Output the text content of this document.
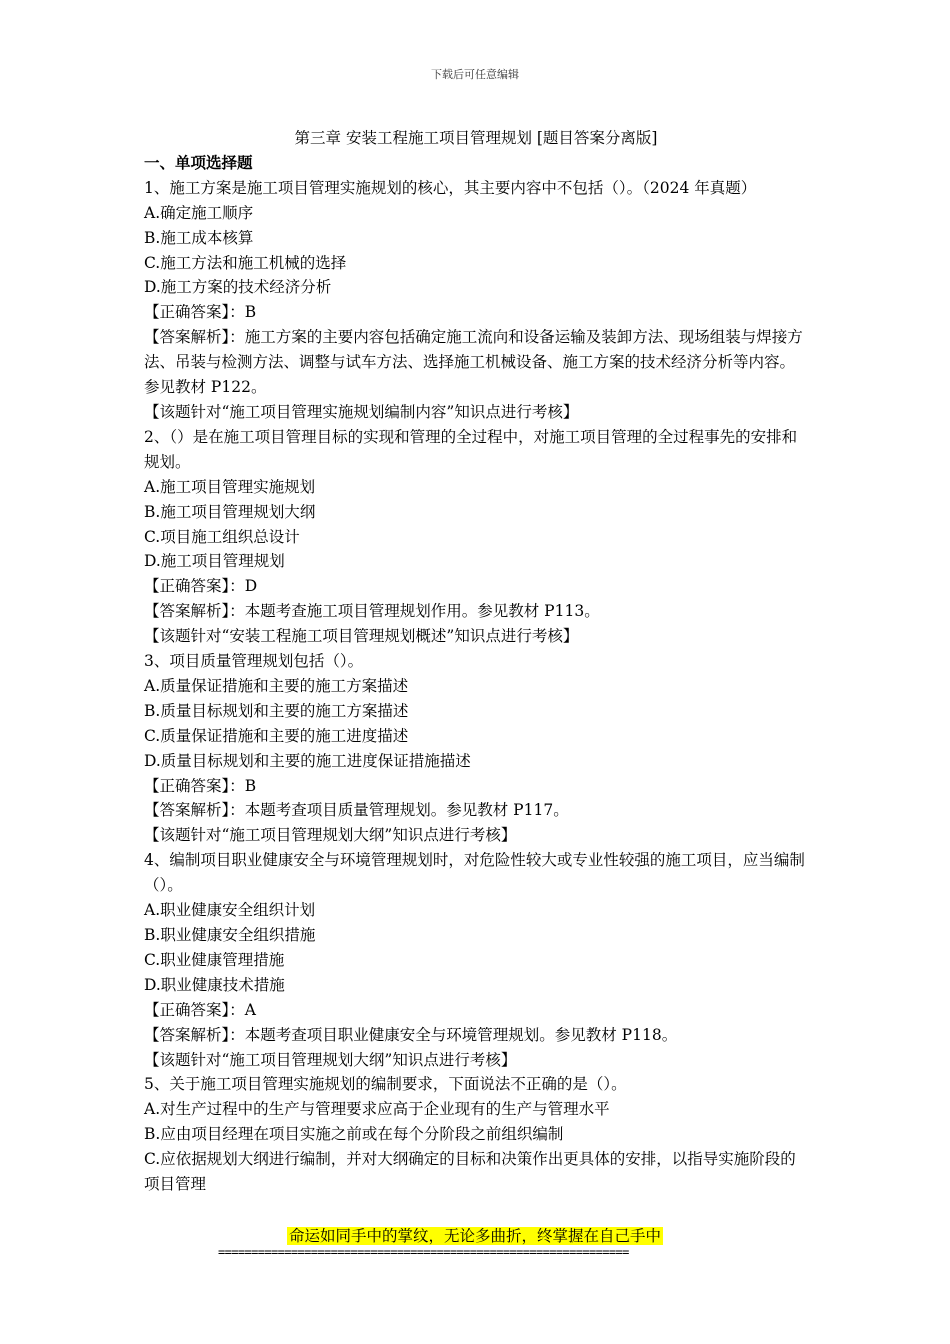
下载后可任意编辑
第三章 安装工程施工项目管理规划 [题目答案分离版]
一、单项选择题
1、施工方案是施工项目管理实施规划的核心，其主要内容中不包括（）。（2024 年真题）
A.确定施工顺序
B.施工成本核算
C.施工方法和施工机械的选择
D.施工方案的技术经济分析
【正确答案】：B
【答案解析】：施工方案的主要内容包括确定施工流向和设备运输及装卸方法、现场组装与焊接方法、吊装与检测方法、调整与试车方法、选择施工机械设备、施工方案的技术经济分析等内容。参见教材 P122。
【该题针对“施工项目管理实施规划编制内容”知识点进行考核】
2、（）是在施工项目管理目标的实现和管理的全过程中，对施工项目管理的全过程事先的安排和规划。
A.施工项目管理实施规划
B.施工项目管理规划大纲
C.项目施工组织总设计
D.施工项目管理规划
【正确答案】：D
【答案解析】：本题考查施工项目管理规划作用。参见教材 P113。
【该题针对“安装工程施工项目管理规划概述”知识点进行考核】
3、项目质量管理规划包括（）。
A.质量保证措施和主要的施工方案描述
B.质量目标规划和主要的施工方案描述
C.质量保证措施和主要的施工进度描述
D.质量目标规划和主要的施工进度保证措施描述
【正确答案】：B
【答案解析】：本题考查项目质量管理规划。参见教材 P117。
【该题针对“施工项目管理规划大纲”知识点进行考核】
4、编制项目职业健康安全与环境管理规划时，对危险性较大或专业性较强的施工项目，应当编制（）。
A.职业健康安全组织计划
B.职业健康安全组织措施
C.职业健康管理措施
D.职业健康技术措施
【正确答案】：A
【答案解析】：本题考查项目职业健康安全与环境管理规划。参见教材 P118。
【该题针对“施工项目管理规划大纲”知识点进行考核】
5、关于施工项目管理实施规划的编制要求，下面说法不正确的是（）。
A.对生产过程中的生产与管理要求应高于企业现有的生产与管理水平
B.应由项目经理在项目实施之前或在每个分阶段之前组织编制
C.应依据规划大纲进行编制，并对大纲确定的目标和决策作出更具体的安排，以指导实施阶段的项目管理
命运如同手中的掌纹，无论多曲折，终掌握在自己手中
==============================================================
